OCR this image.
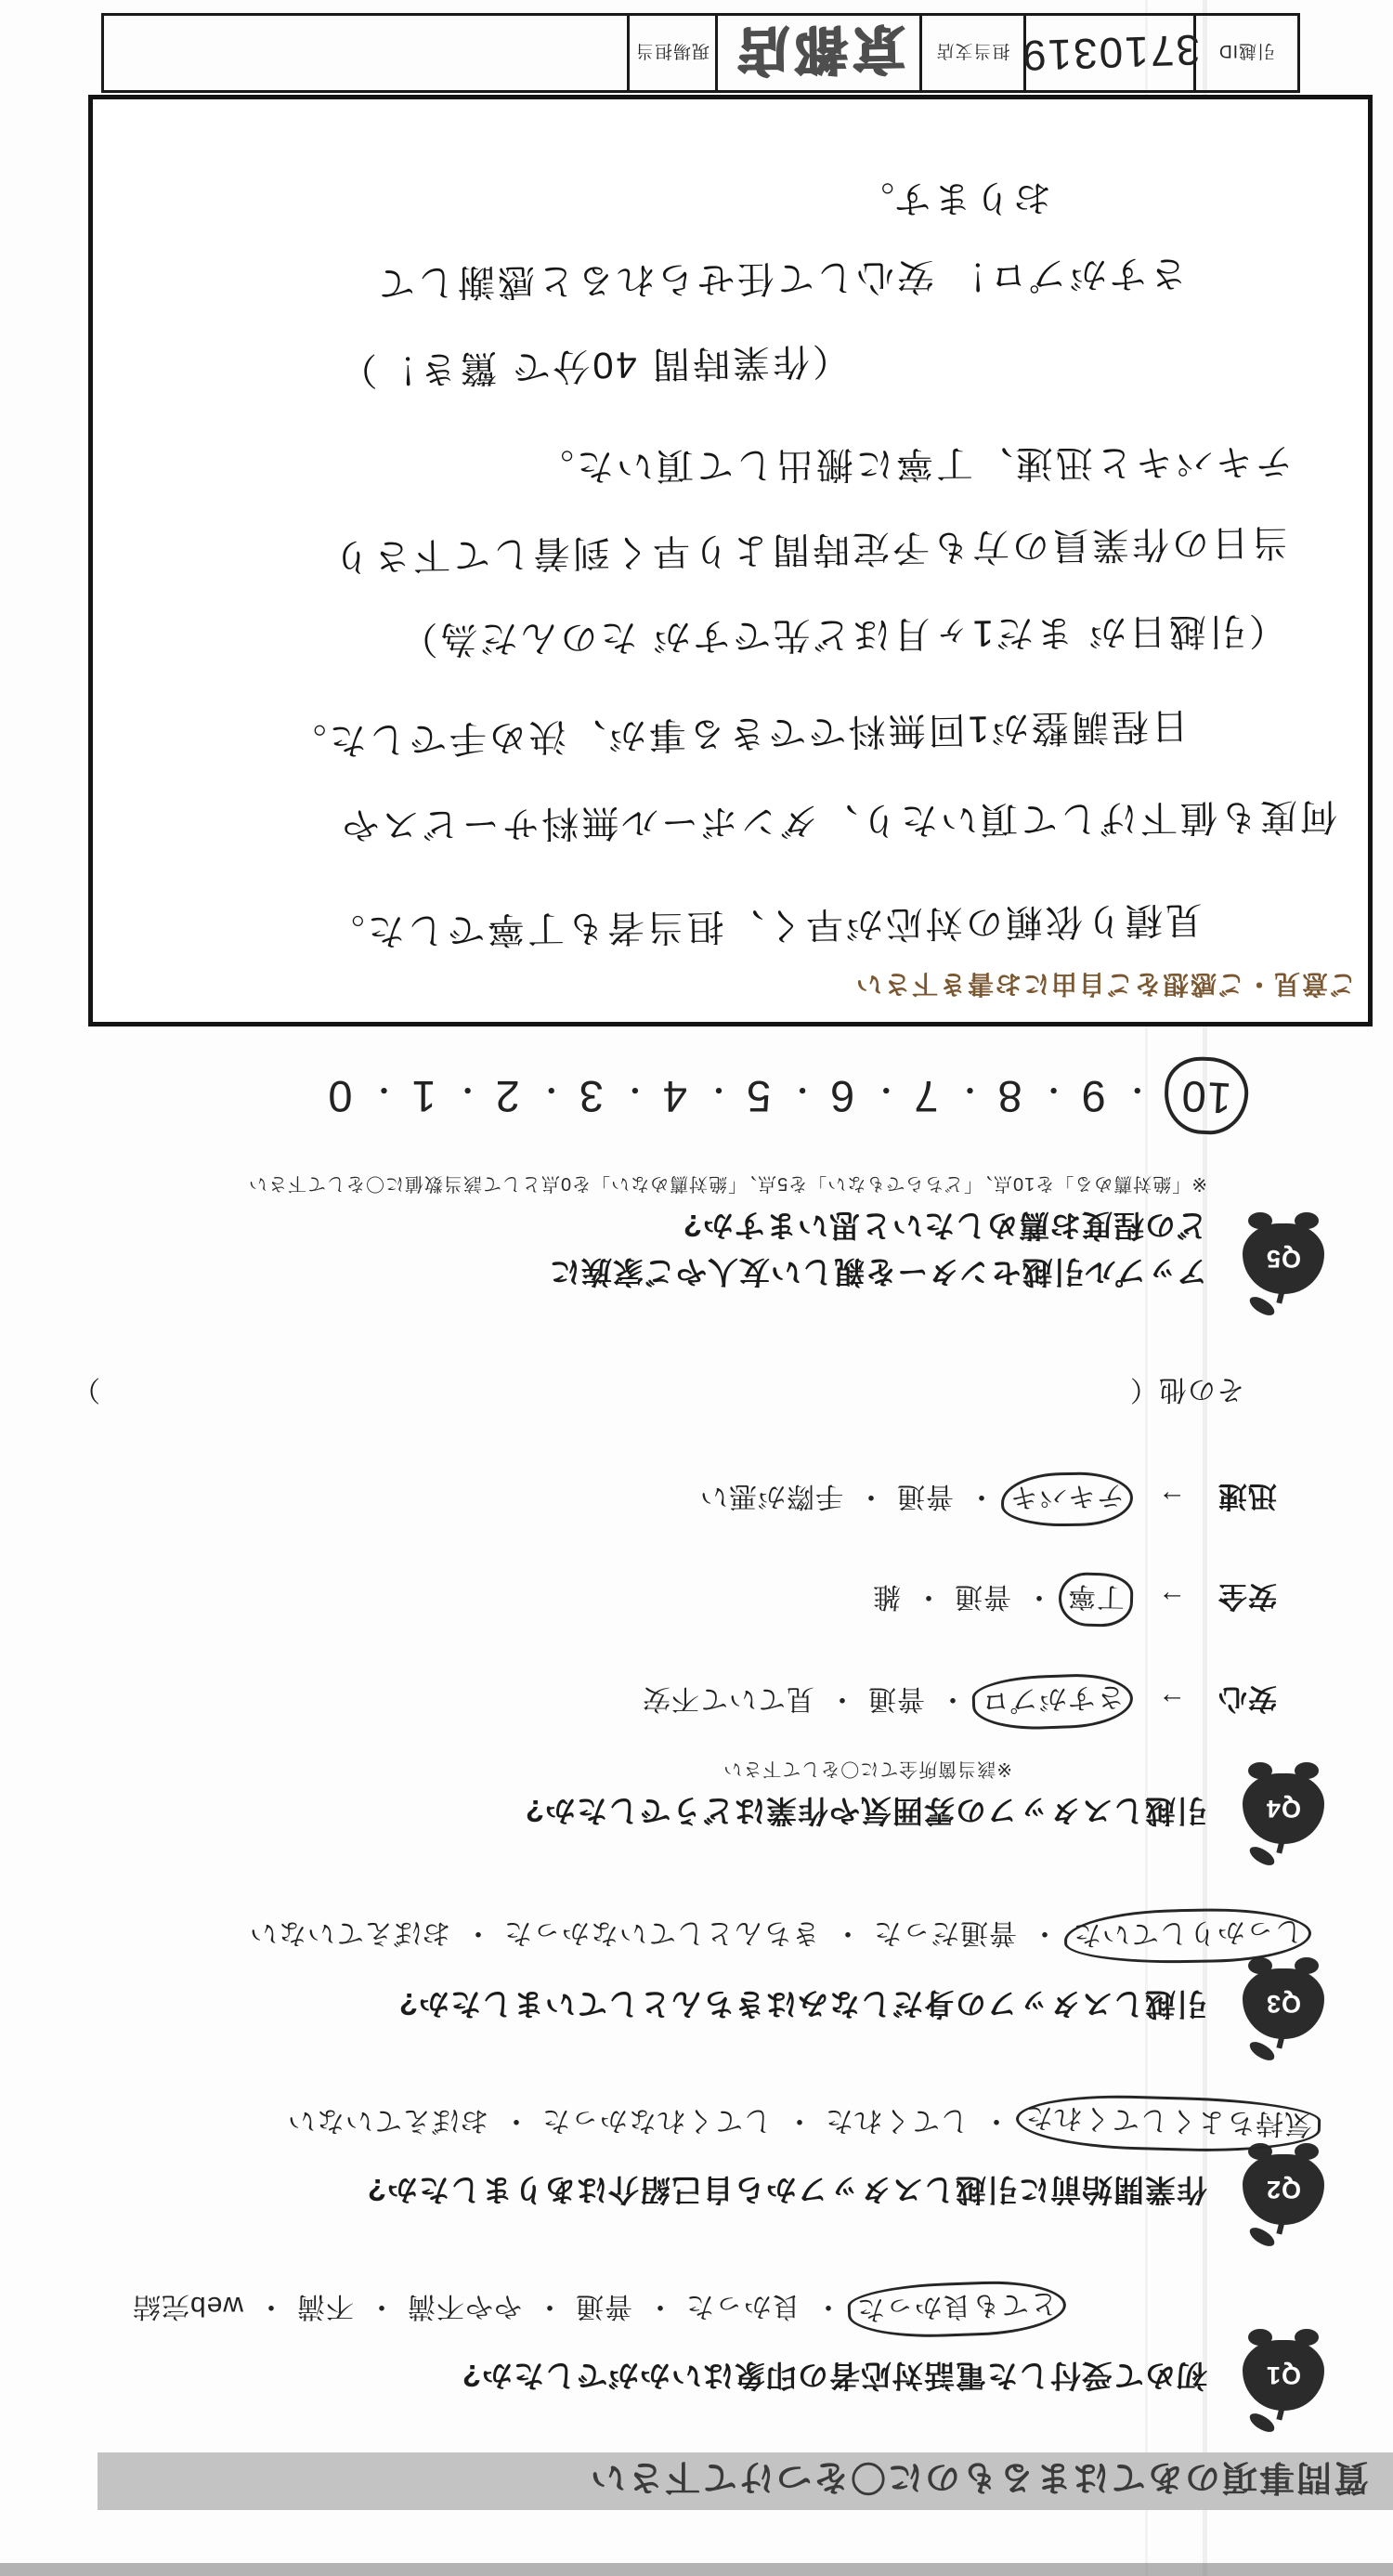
質問事項のあてはまるものに〇をつけて下さい
Q1
初めて受付した電話対応者の印象はいかがでしたか?
とても良かった
・ 良かった
・ 普通
・ やや不満
・ 不満
・ web完結
Q2
作業開始前に引越しスタッフから自己紹介はありましたか?
気持ちよくしてくれた
・ してくれた
・ してくれなかった
・ おぼえていない
Q3
引越しスタッフの身だしなみはきちんとしていましたか?
しっかりしていた
・ 普通だった
・ きちんとしていなかった
・ おぼえていない
Q4
引越しスタッフの雰囲気や作業はどうでしたか?
※該当箇所全てに〇をして下さい
安心
→
さすがプロ
・ 普通
・ 見ていて不安
安全
→
丁寧
・ 普通
・ 雑
迅速
→
テキパキ
・ 普通
・ 手際が悪い
その他（
）
Q5
アップル引越センターを親しい友人やご家族に
どの程度お薦めしたいと思いますか?
※「絶対薦める」を10点、「どちらでもない」を5点、「絶対薦めない」を0点として該当数値に〇をして下さい
10
・ 9
・ 8
・ 7
・ 6
・ 5
・ 4
・ 3
・ 2
・ 1
・ 0
ご意見・ご感想をご自由にお書き下さい
見積り依頼の対応が早く、担当者も丁寧でした。
何度も値下げして頂いたり、ダンボール無料サービスや
日程調整が1回無料でできる事が、決め手でした。
（引越日が まだ1ヶ月ほど先ですが たのんだ為）
当日の作業員の方も予定時間より早く到着して下さり
テキパキと迅速、丁寧に搬出して頂いた。
（作業時間 40分で 驚き！）
さすがプロ！ 安心して任せられると感謝して
おります。
引越ID
3710319
担当支店
京都店
現場担当
